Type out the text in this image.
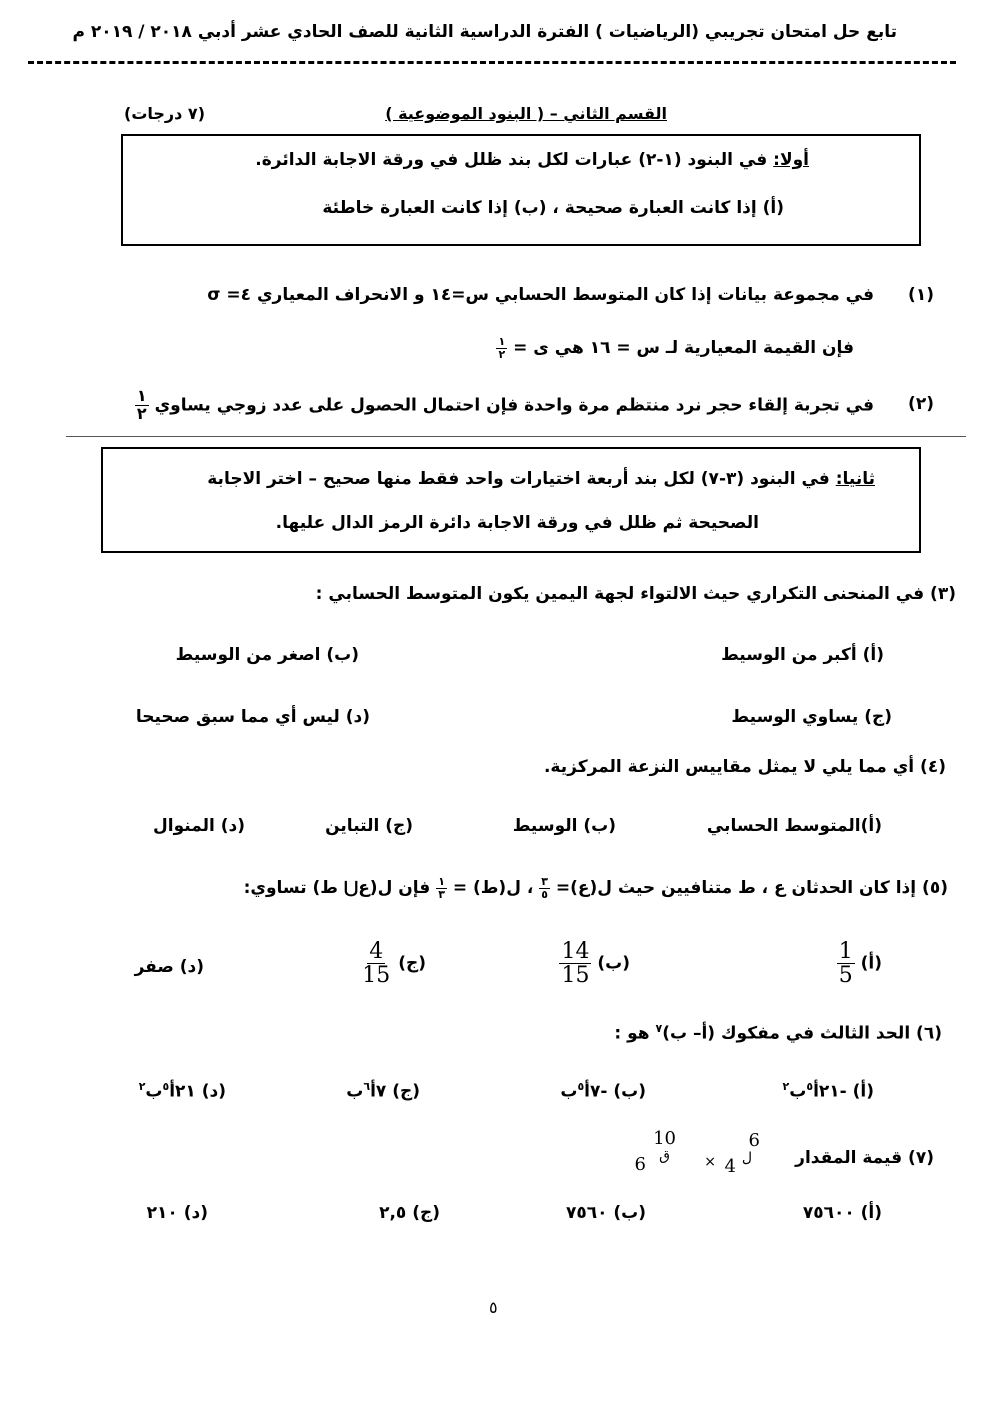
تابع حل امتحان تجريبي (الرياضيات ) الفترة الدراسية الثانية للصف الحادي عشر أدبي ٢٠١٨ / ٢٠١٩ م
القسم الثاني – ( البنود الموضوعية )
(٧ درجات)
أولا: في البنود (١-٢) عبارات لكل بند ظلل في ورقة الاجابة الدائرة.
(أ) إذا كانت العبارة صحيحة ، (ب) إذا كانت العبارة خاطئة
(١)
في مجموعة بيانات إذا كان المتوسط الحسابي س=١٤ و الانحراف المعياري ٤= σ
فإن القيمة المعيارية لـ س = ١٦ هي ى =
$\frac{١}{٢}$
(٢)
في تجربة إلقاء حجر نرد منتظم مرة واحدة فإن احتمال الحصول على عدد زوجي يساوي
$\frac{١}{٢}$
ثانيا: في البنود (٣-٧) لكل بند أربعة اختيارات واحد فقط منها صحيح – اختر الاجابة
الصحيحة ثم ظلل في ورقة الاجابة دائرة الرمز الدال عليها.
(٣) في المنحنى التكراري حيث الالتواء لجهة اليمين يكون المتوسط الحسابي :
(أ) أكبر من الوسيط
(ب) اصغر من الوسيط
(ج) يساوي الوسيط
(د) ليس أي مما سبق صحيحا
(٤) أي مما يلي لا يمثل مقاييس النزعة المركزية.
(أ)المتوسط الحسابي
(ب) الوسيط
(ج) التباين
(د) المنوال
(٥) إذا كان الحدثان ع ، ط متنافيين حيث ل(ع)=
$\frac{٣}{٥}$
، ل(ط) =
$\frac{١}{٣}$
فإن ل(ع⋃ ط) تساوي:
(أ)
$\frac{1}{5}$
(ب)
$\frac{14}{15}$
(ج)
$\frac{4}{15}$
(د) صفر
(٦) الحد الثالث في مفكوك (أ– ب)$^٧$ هو :
(أ) -٢١أ$^٥$ب$^٢$
(ب) -٧أ$^٥$ب
(ج) ٧أ$^٦$ب
(د) ٢١أ$^٥$ب$^٢$
(٧) قيمة المقدار
6
ل
4
×
10
ق
6
(أ) ٧٥٦٠٠
(ب) ٧٥٦٠
(ج) ٢,٥
(د) ٢١٠
٥
